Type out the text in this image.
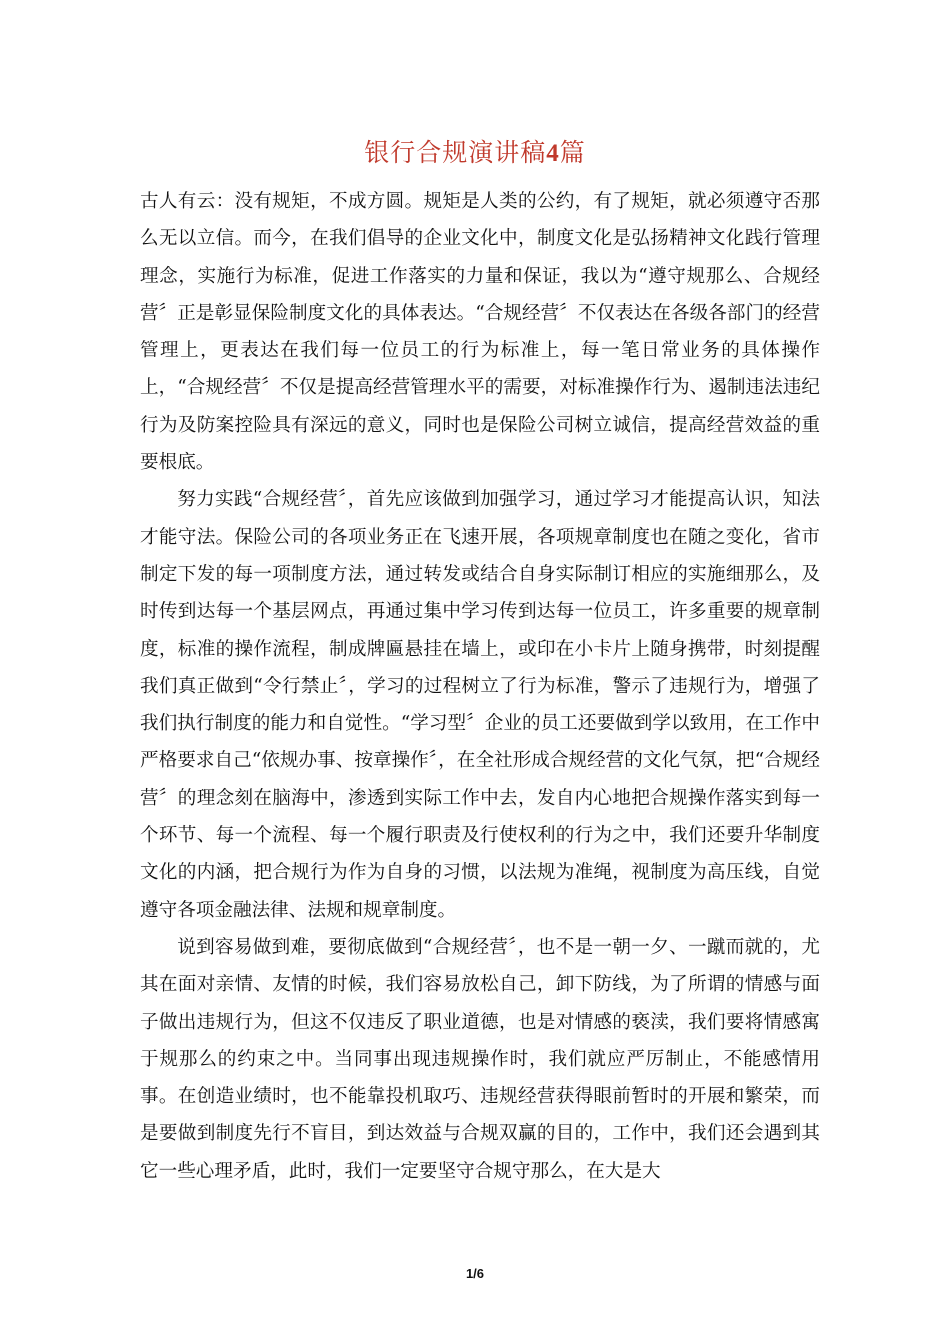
银行合规演讲稿4篇

古人有云：没有规矩，不成方圆。规矩是人类的公约，有了规矩，就必须遵守否那么无以立信。而今，在我们倡导的企业文化中，制度文化是弘扬精神文化践行管理理念，实施行为标准，促进工作落实的力量和保证，我以为“遵守规那么、合规经营〞正是彰显保险制度文化的具体表达。“合规经营〞不仅表达在各级各部门的经营管理上，更表达在我们每一位员工的行为标准上，每一笔日常业务的具体操作上，“合规经营〞不仅是提高经营管理水平的需要，对标准操作行为、遏制违法违纪行为及防案控险具有深远的意义，同时也是保险公司树立诚信，提高经营效益的重要根底。

努力实践“合规经营〞，首先应该做到加强学习，通过学习才能提高认识，知法才能守法。保险公司的各项业务正在飞速开展，各项规章制度也在随之变化，省市制定下发的每一项制度方法，通过转发或结合自身实际制订相应的实施细那么，及时传到达每一个基层网点，再通过集中学习传到达每一位员工，许多重要的规章制度，标准的操作流程，制成牌匾悬挂在墙上，或印在小卡片上随身携带，时刻提醒我们真正做到“令行禁止〞，学习的过程树立了行为标准，警示了违规行为，增强了我们执行制度的能力和自觉性。“学习型〞企业的员工还要做到学以致用，在工作中严格要求自己“依规办事、按章操作〞，在全社形成合规经营的文化气氛，把“合规经营〞的理念刻在脑海中，渗透到实际工作中去，发自内心地把合规操作落实到每一个环节、每一个流程、每一个履行职责及行使权利的行为之中，我们还要升华制度文化的内涵，把合规行为作为自身的习惯，以法规为准绳，视制度为高压线，自觉遵守各项金融法律、法规和规章制度。

说到容易做到难，要彻底做到“合规经营〞，也不是一朝一夕、一蹴而就的，尤其在面对亲情、友情的时候，我们容易放松自己，卸下防线，为了所谓的情感与面子做出违规行为，但这不仅违反了职业道德，也是对情感的亵渎，我们要将情感寓于规那么的约束之中。当同事出现违规操作时，我们就应严厉制止，不能感情用事。在创造业绩时，也不能靠投机取巧、违规经营获得眼前暂时的开展和繁荣，而是要做到制度先行不盲目，到达效益与合规双赢的目的，工作中，我们还会遇到其它一些心理矛盾，此时，我们一定要坚守合规守那么，在大是大

1/6
